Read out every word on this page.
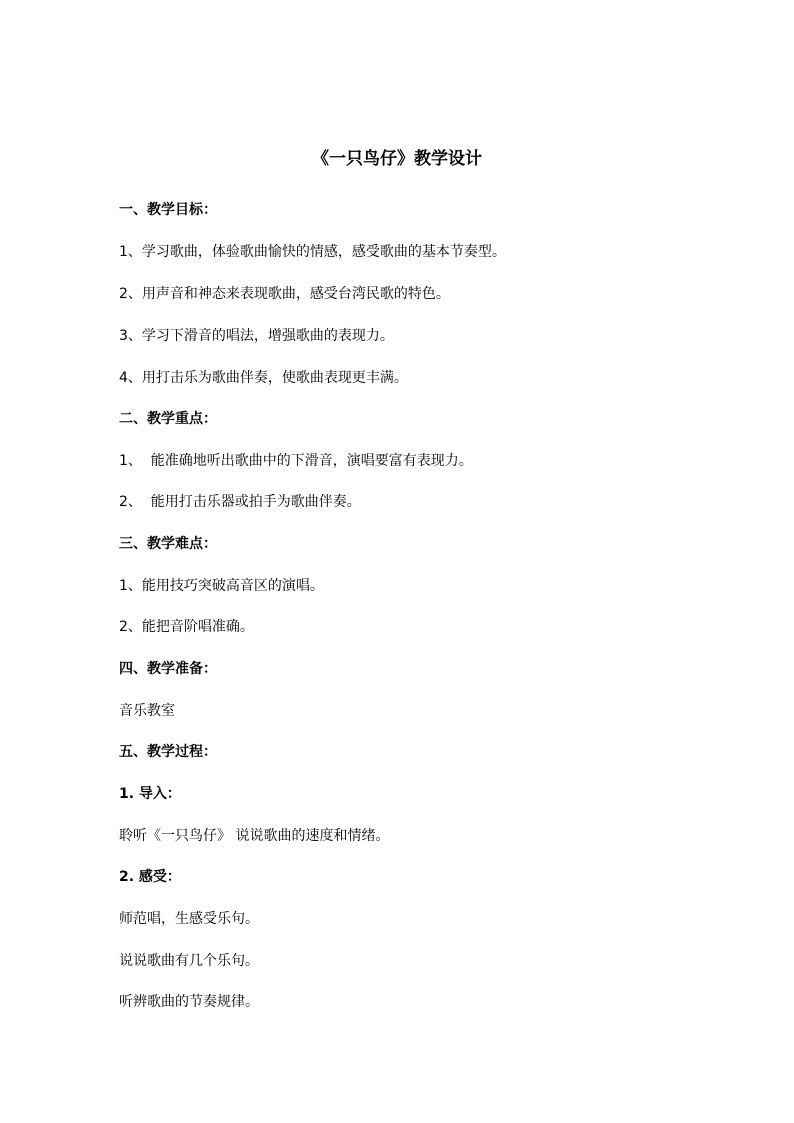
《一只鸟仔》教学设计
一、教学目标：
1、学习歌曲，体验歌曲愉快的情感，感受歌曲的基本节奏型。
2、用声音和神态来表现歌曲，感受台湾民歌的特色。
3、学习下滑音的唱法，增强歌曲的表现力。
4、用打击乐为歌曲伴奏，使歌曲表现更丰满。
二、教学重点：
1、  能准确地听出歌曲中的下滑音，演唱要富有表现力。
2、  能用打击乐器或拍手为歌曲伴奏。
三、教学难点：
1、能用技巧突破高音区的演唱。
2、能把音阶唱准确。
四、教学准备：
音乐教室
五、教学过程：
1. 导入：
聆听《一只鸟仔》 说说歌曲的速度和情绪。
2. 感受：
师范唱，生感受乐句。
说说歌曲有几个乐句。
听辨歌曲的节奏规律。
